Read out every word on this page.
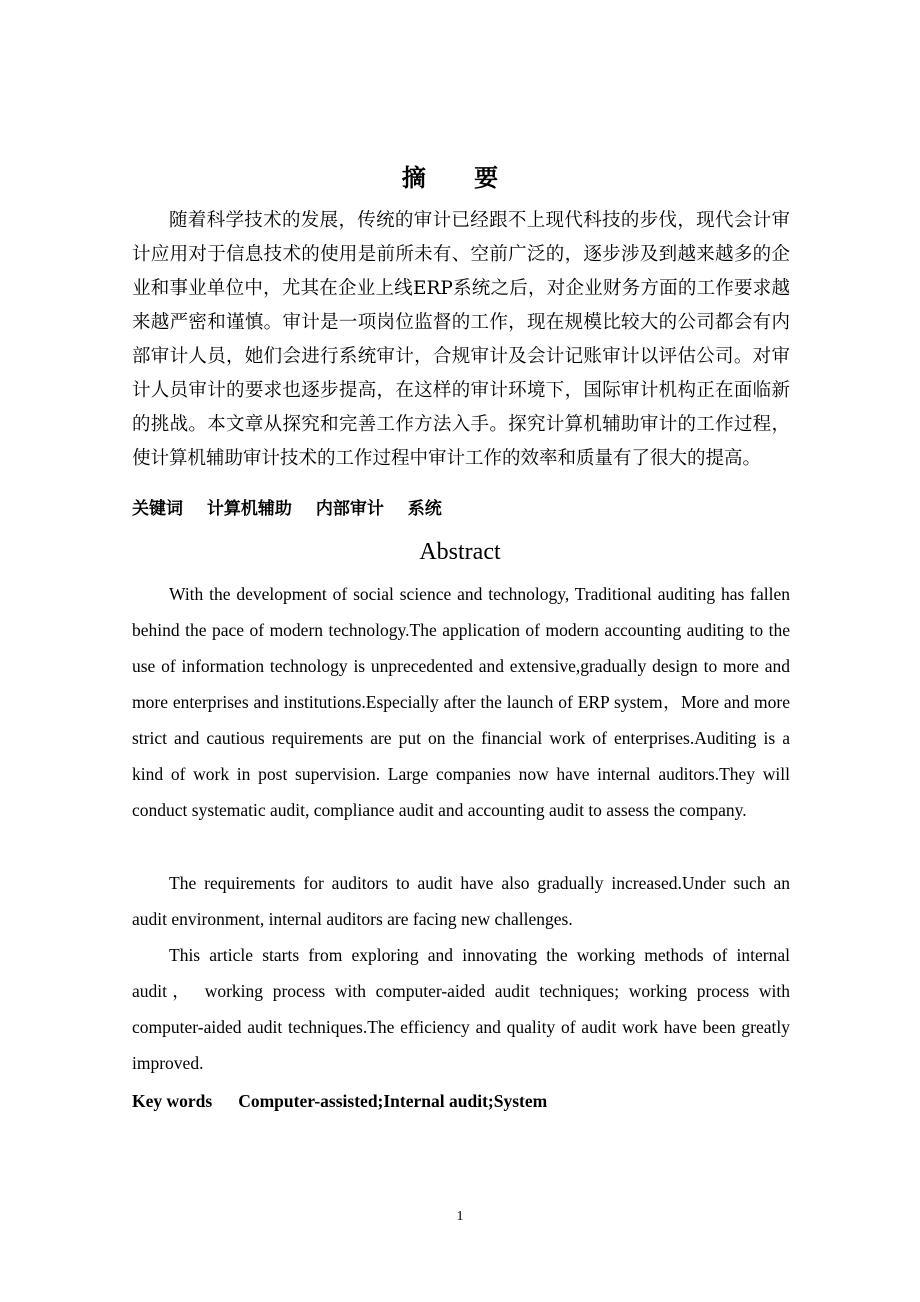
摘 要

随着科学技术的发展，传统的审计已经跟不上现代科技的步伐，现代会计审计应用对于信息技术的使用是前所未有、空前广泛的，逐步涉及到越来越多的企业和事业单位中，尤其在企业上线ERP系统之后，对企业财务方面的工作要求越来越严密和谨慎。审计是一项岗位监督的工作，现在规模比较大的公司都会有内部审计人员，她们会进行系统审计，合规审计及会计记账审计以评估公司。对审计人员审计的要求也逐步提高，在这样的审计环境下，国际审计机构正在面临新的挑战。本文章从探究和完善工作方法入手。探究计算机辅助审计的工作过程，使计算机辅助审计技术的工作过程中审计工作的效率和质量有了很大的提高。

关键词 计算机辅助 内部审计 系统
Abstract

With the development of social science and technology, Traditional auditing has fallen behind the pace of modern technology.The application of modern accounting auditing to the use of information technology is unprecedented and extensive,gradually design to more and more enterprises and institutions.Especially after the launch of ERP system，More and more strict and cautious requirements are put on the financial work of enterprises.Auditing is a kind of work in post supervision. Large companies now have internal auditors.They will conduct systematic audit, compliance audit and accounting audit to assess the company.

The requirements for auditors to audit have also gradually increased.Under such an audit environment, internal auditors are facing new challenges.

This article starts from exploring and innovating the working methods of internal audit， working process with computer-aided audit techniques; working process with computer-aided audit techniques.The efficiency and quality of audit work have been greatly improved.

Key words Computer-assisted;Internal audit;System
1
